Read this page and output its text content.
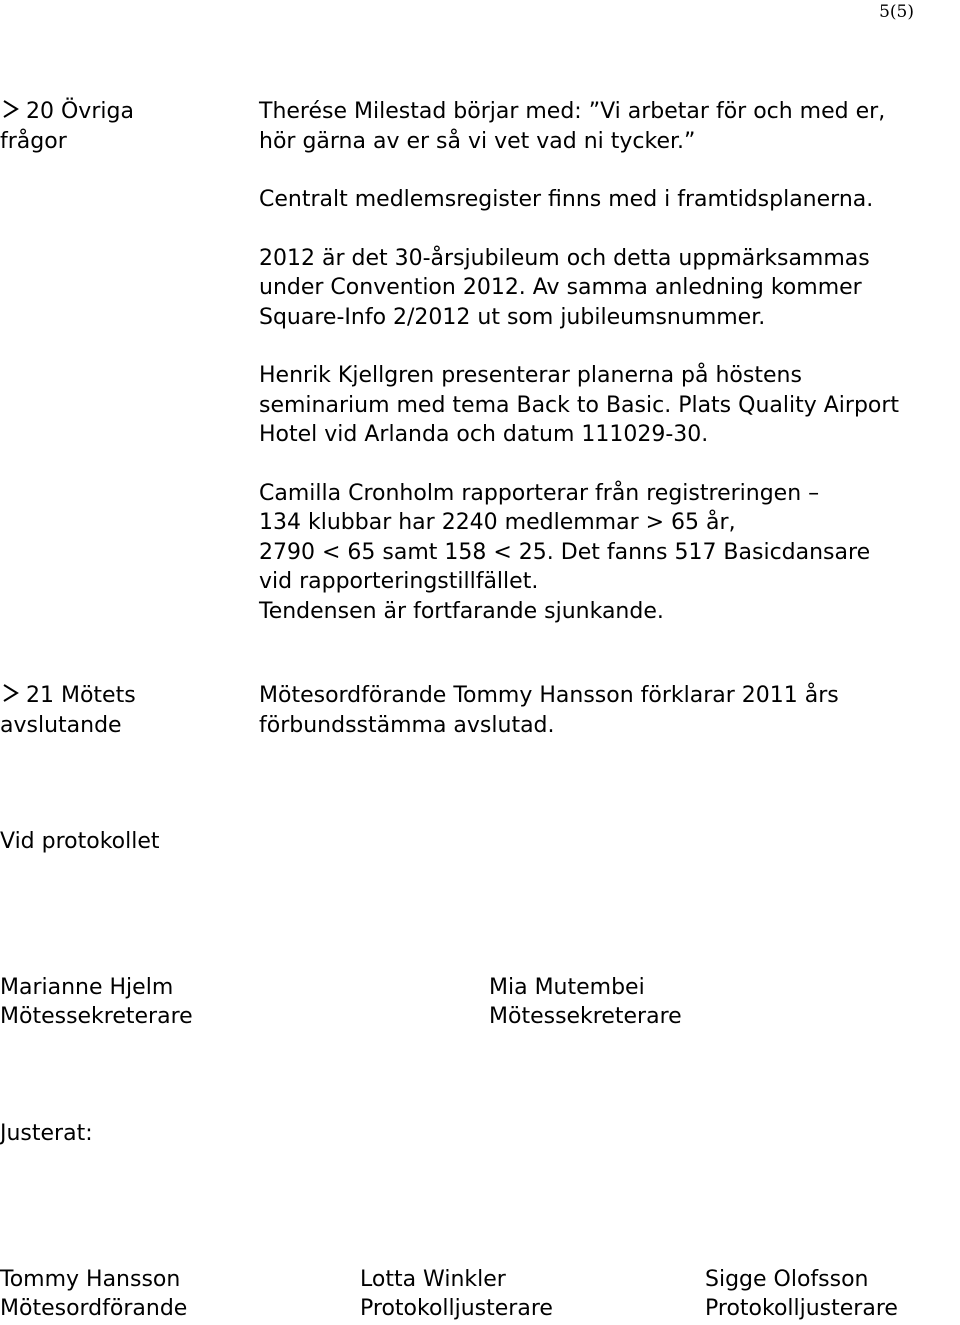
5(5)
20 Övriga
frågor

Therése Milestad börjar med: ”Vi arbetar för och med er,
hör gärna av er så vi vet vad ni tycker.”

Centralt medlemsregister finns med i framtidsplanerna.

2012 är det 30-årsjubileum och detta uppmärksammas
under Convention 2012. Av samma anledning kommer
Square-Info 2/2012 ut som jubileumsnummer.

Henrik Kjellgren presenterar planerna på höstens
seminarium med tema Back to Basic. Plats Quality Airport
Hotel vid Arlanda och datum 111029-30.

Camilla Cronholm rapporterar från registreringen –
134 klubbar har 2240 medlemmar > 65 år,
2790 < 65 samt 158 < 25. Det fanns 517 Basicdansare
vid rapporteringstillfället.
Tendensen är fortfarande sjunkande.

21 Mötets
avslutande

Mötesordförande Tommy Hansson förklarar 2011 års
förbundsstämma avslutad.

Vid protokollet
Marianne Hjelm
Mötessekreterare
Mia Mutembei
Mötessekreterare
Justerat:
Tommy Hansson
Mötesordförande
Lotta Winkler
Protokolljusterare
Sigge Olofsson
Protokolljusterare
